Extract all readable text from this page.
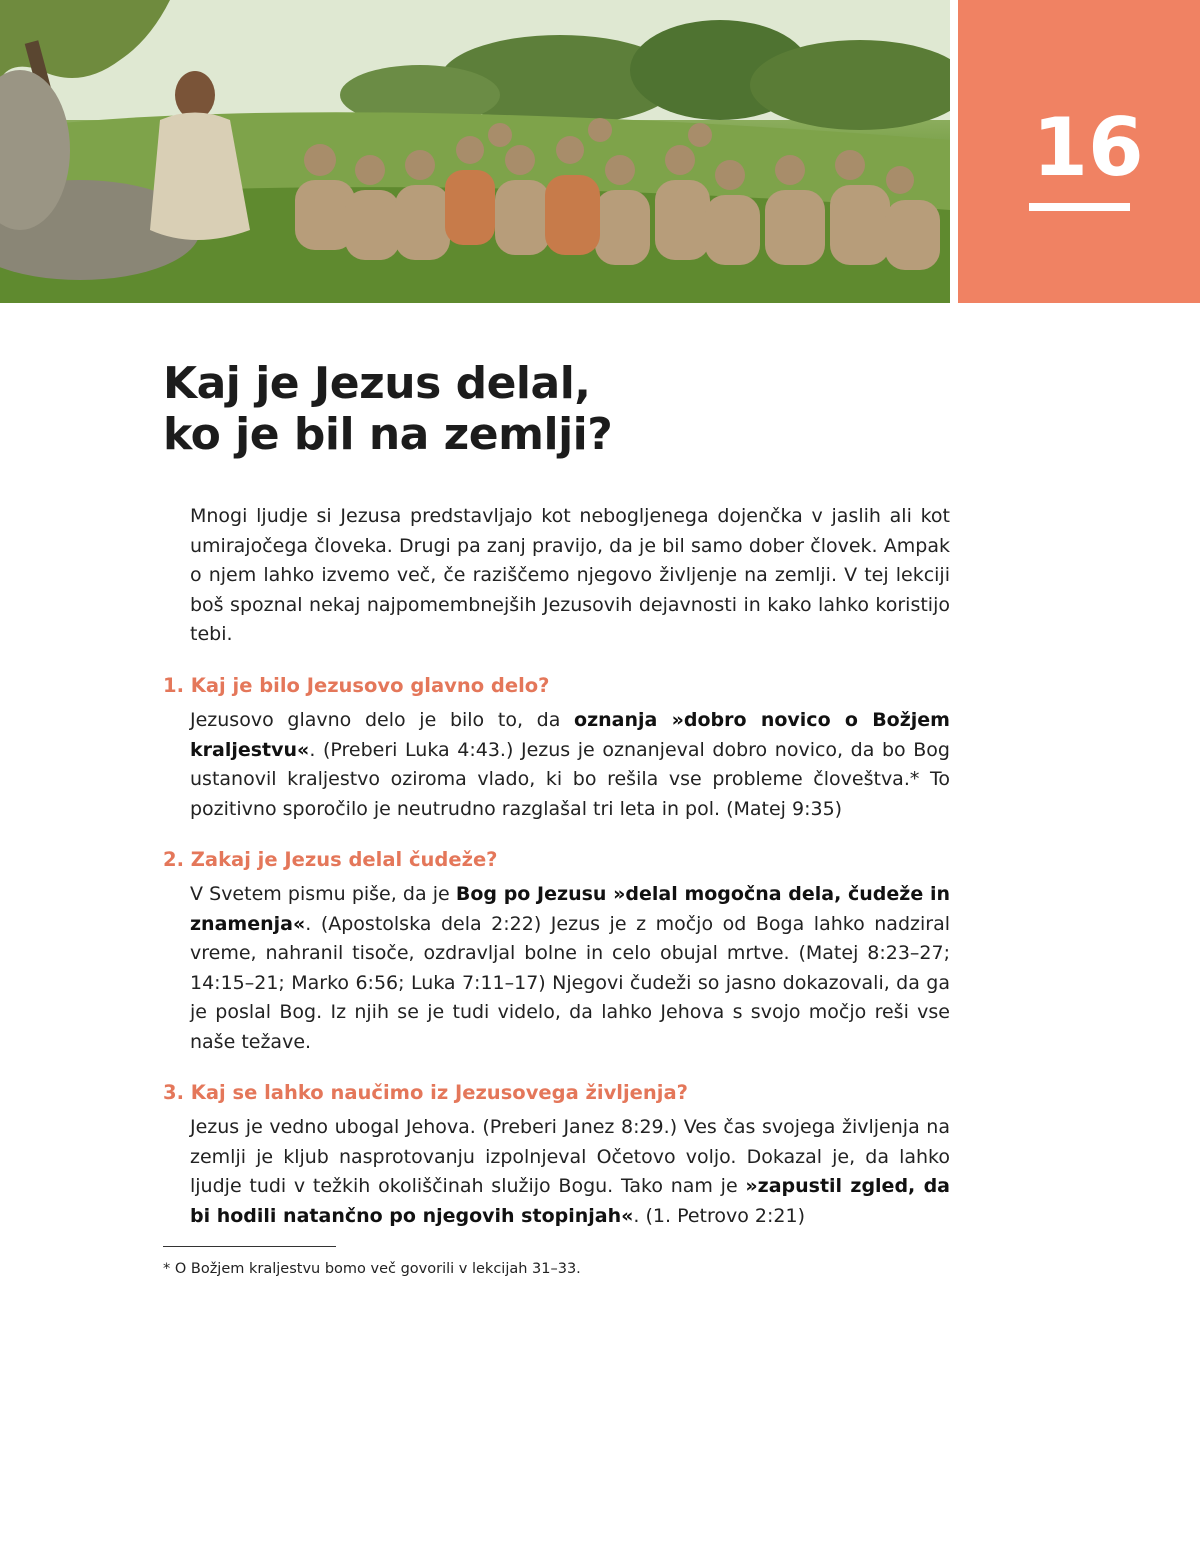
16
Kaj je Jezus delal,
ko je bil na zemlji?

Mnogi ljudje si Jezusa predstavljajo kot nebogljenega dojenčka v jaslih ali kot umirajočega človeka. Drugi pa zanj pravijo, da je bil samo dober človek. Ampak o njem lahko izvemo več, če raziščemo njegovo življenje na zemlji. V tej lekciji boš spoznal nekaj najpomembnejših Jezusovih dejavnosti in kako lahko koristijo tebi.

1. Kaj je bilo Jezusovo glavno delo?

Jezusovo glavno delo je bilo to, da oznanja »dobro novico o Božjem kraljestvu«. (Preberi Luka 4:43.) Jezus je oznanjeval dobro novico, da bo Bog ustanovil kraljestvo oziroma vlado, ki bo rešila vse probleme človeštva.* To pozitivno sporočilo je neutrudno razglašal tri leta in pol. (Matej 9:35)

2. Zakaj je Jezus delal čudeže?

V Svetem pismu piše, da je Bog po Jezusu »delal mogočna dela, čudeže in znamenja«. (Apostolska dela 2:22) Jezus je z močjo od Boga lahko nadziral vreme, nahranil tisoče, ozdravljal bolne in celo obujal mrtve. (Matej 8:23–27; 14:15–21; Marko 6:56; Luka 7:11–17) Njegovi čudeži so jasno dokazovali, da ga je poslal Bog. Iz njih se je tudi videlo, da lahko Jehova s svojo močjo reši vse naše težave.

3. Kaj se lahko naučimo iz Jezusovega življenja?

Jezus je vedno ubogal Jehova. (Preberi Janez 8:29.) Ves čas svojega življenja na zemlji je kljub nasprotovanju izpolnjeval Očetovo voljo. Dokazal je, da lahko ljudje tudi v težkih okoliščinah služijo Bogu. Tako nam je »zapustil zgled, da bi hodili natančno po njegovih stopinjah«. (1. Petrovo 2:21)

* O Božjem kraljestvu bomo več govorili v lekcijah 31–33.
